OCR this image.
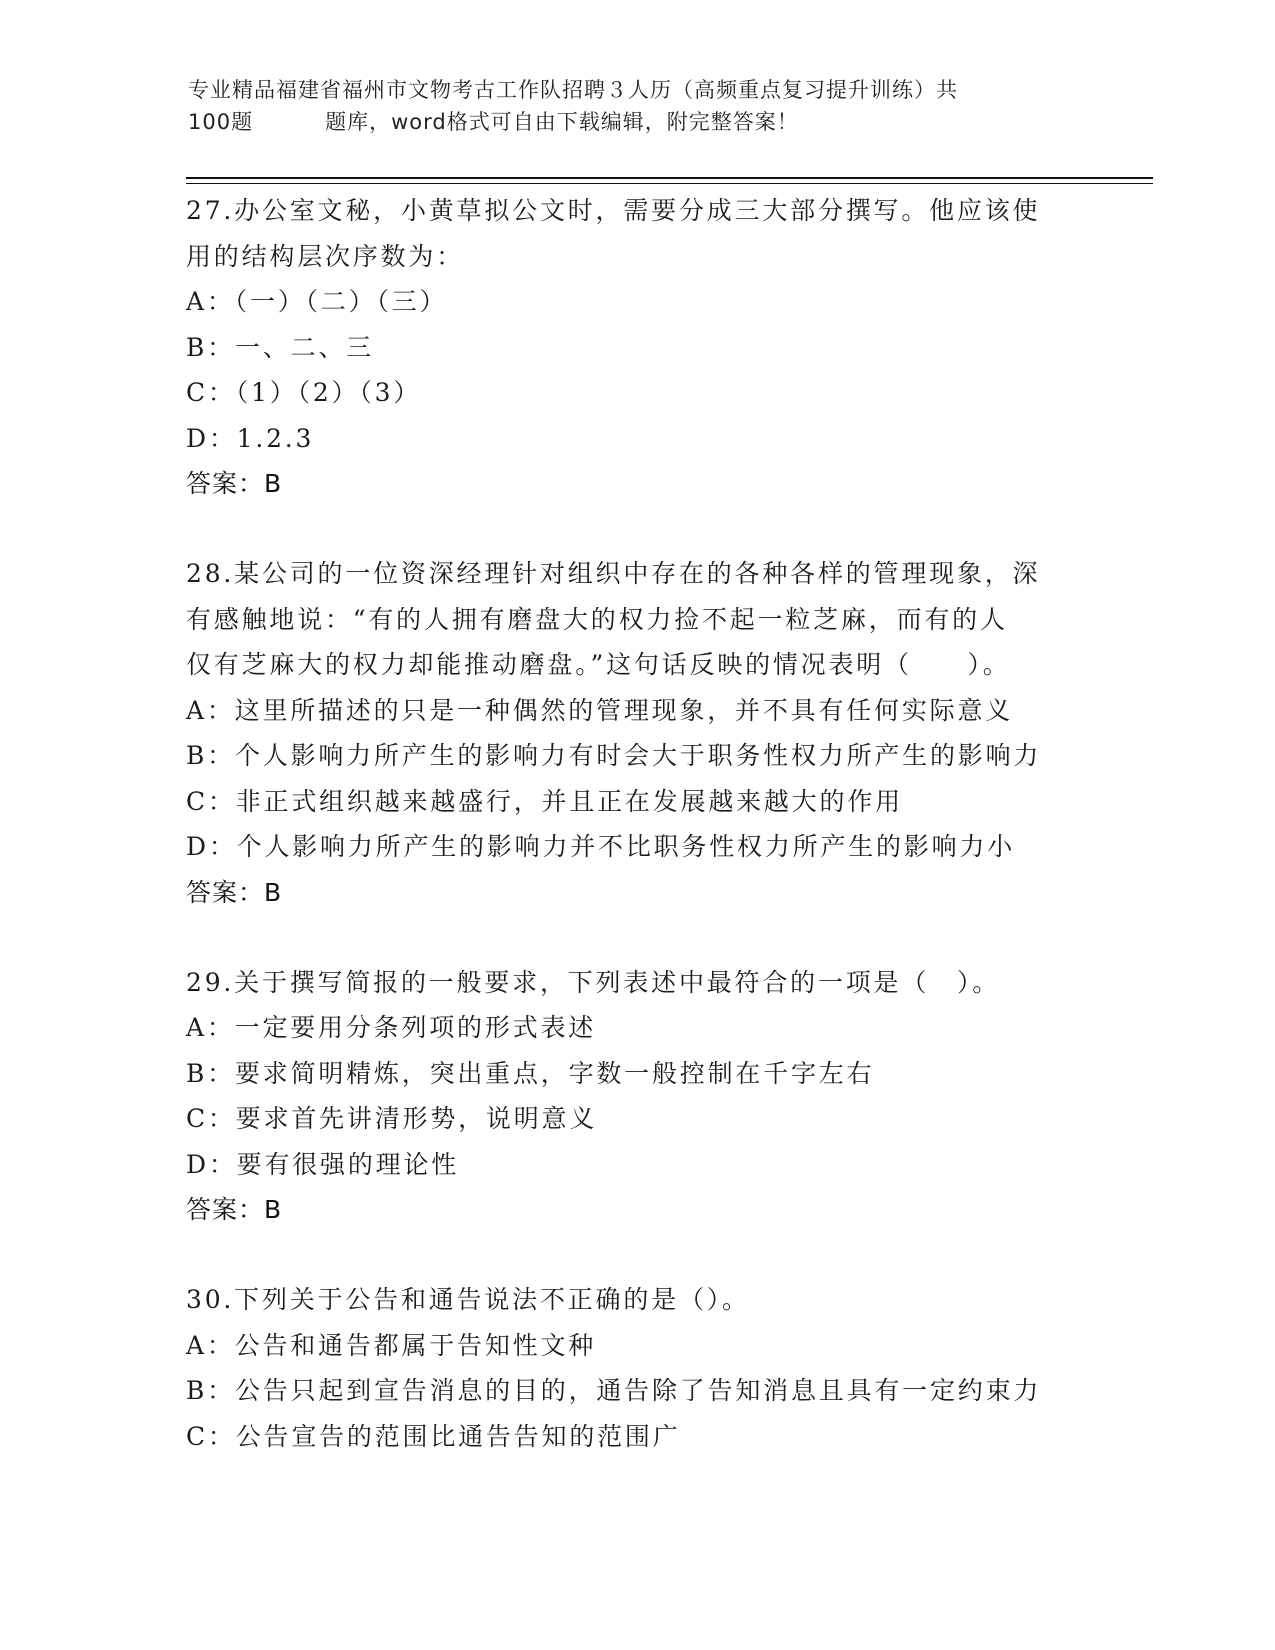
专业精品福建省福州市文物考古工作队招聘３人历（高频重点复习提升训练）共
100题	题库，word格式可自由下载编辑，附完整答案！
27.办公室文秘，小黄草拟公文时，需要分成三大部分撰写。他应该使
用的结构层次序数为：
A：（一）（二）（三）
B：一、二、三
C：（1）（2）（3）
D：1.2.3
答案：B
28.某公司的一位资深经理针对组织中存在的各种各样的管理现象，深
有感触地说：“有的人拥有磨盘大的权力捡不起一粒芝麻，而有的人
仅有芝麻大的权力却能推动磨盘。”这句话反映的情况表明（　　）。
A：这里所描述的只是一种偶然的管理现象，并不具有任何实际意义
B：个人影响力所产生的影响力有时会大于职务性权力所产生的影响力
C：非正式组织越来越盛行，并且正在发展越来越大的作用
D：个人影响力所产生的影响力并不比职务性权力所产生的影响力小
答案：B
29.关于撰写简报的一般要求，下列表述中最符合的一项是（　）。
A：一定要用分条列项的形式表述
B：要求简明精炼，突出重点，字数一般控制在千字左右
C：要求首先讲清形势，说明意义
D：要有很强的理论性
答案：B
30.下列关于公告和通告说法不正确的是（）。
A：公告和通告都属于告知性文种
B：公告只起到宣告消息的目的，通告除了告知消息且具有一定约束力
C：公告宣告的范围比通告告知的范围广
